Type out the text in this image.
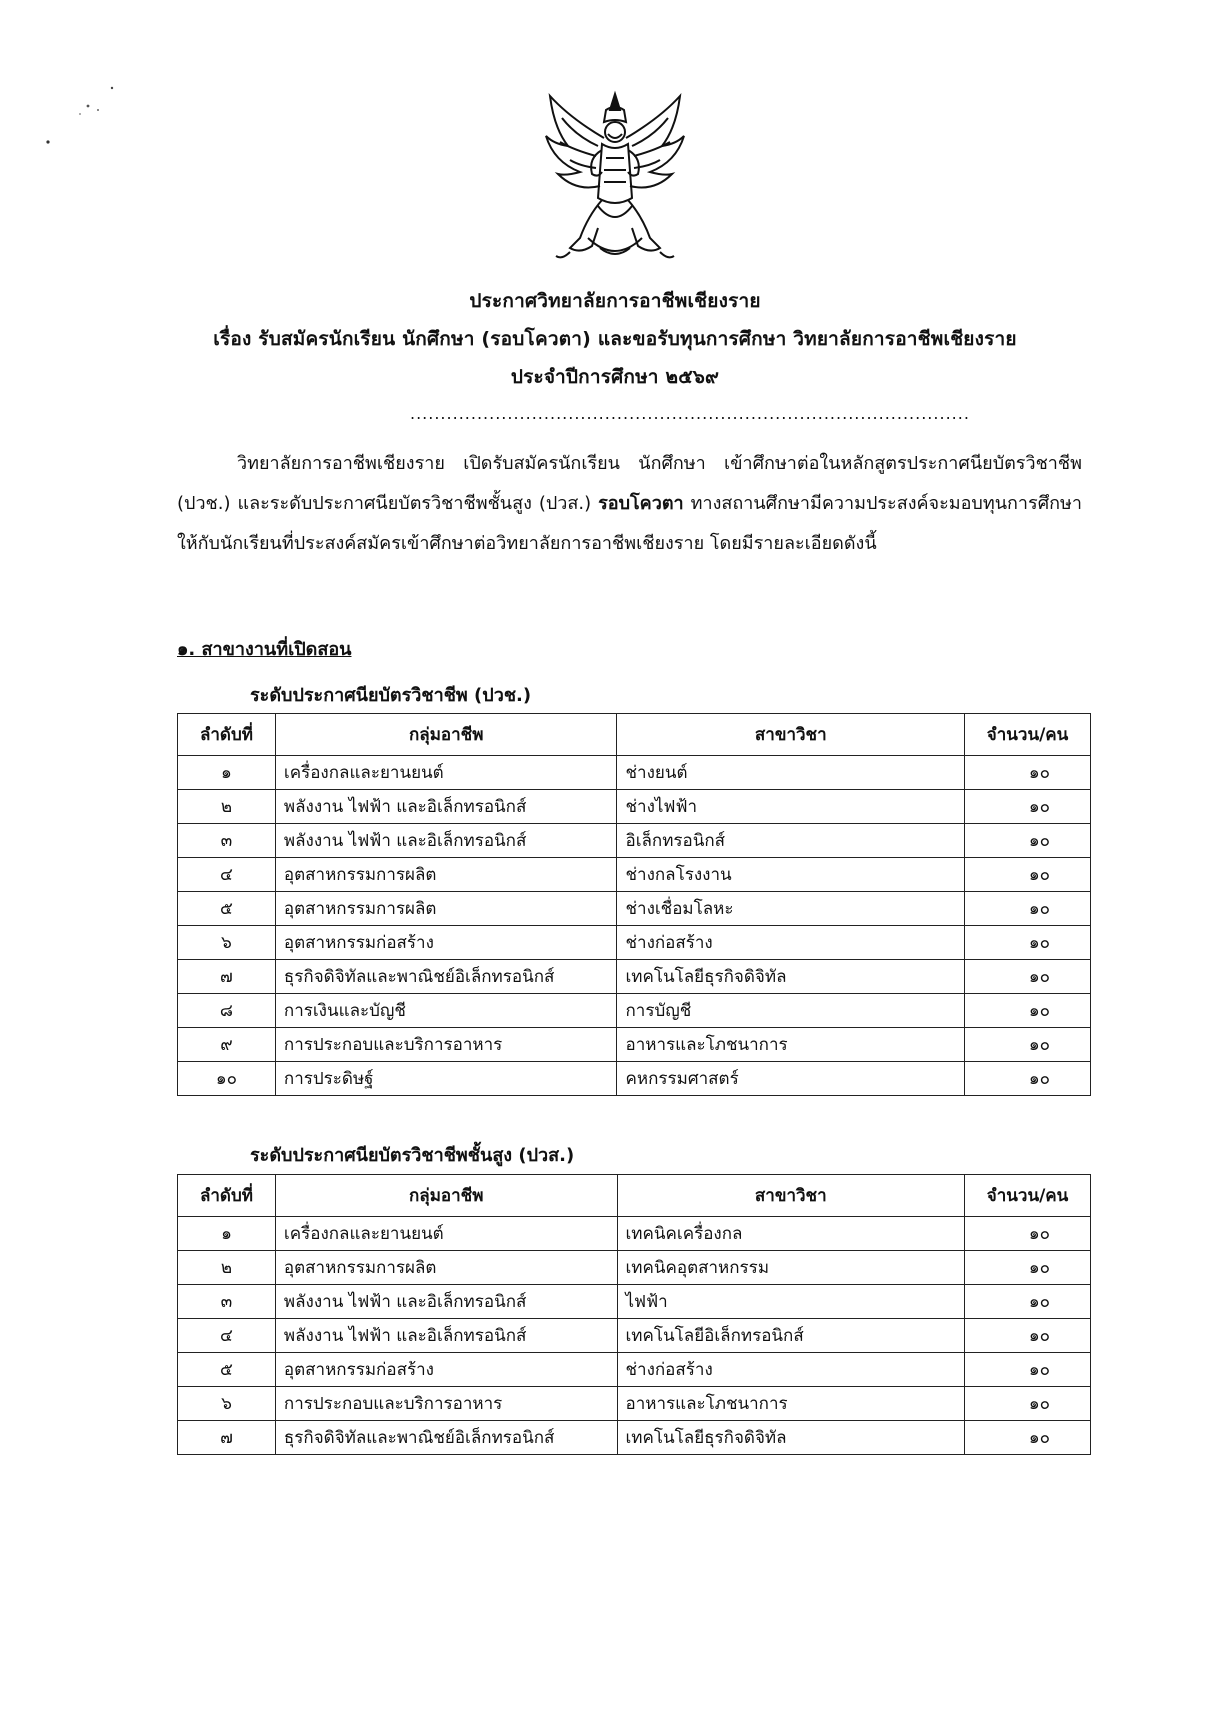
ประกาศวิทยาลัยการอาชีพเชียงราย
เรื่อง รับสมัครนักเรียน นักศึกษา (รอบโควตา) และขอรับทุนการศึกษา วิทยาลัยการอาชีพเชียงราย
ประจำปีการศึกษา ๒๕๖๙
............................................................................................
วิทยาลัยการอาชีพเชียงราย เปิดรับสมัครนักเรียน นักศึกษา เข้าศึกษาต่อในหลักสูตรประกาศนียบัตรวิชาชีพ (ปวช.) และระดับประกาศนียบัตรวิชาชีพชั้นสูง (ปวส.) รอบโควตา ทางสถานศึกษามีความประสงค์จะมอบทุนการศึกษาให้กับนักเรียนที่ประสงค์สมัครเข้าศึกษาต่อวิทยาลัยการอาชีพเชียงราย โดยมีรายละเอียดดังนี้
๑. สาขางานที่เปิดสอน
ระดับประกาศนียบัตรวิชาชีพ (ปวช.)
ลำดับที่	กลุ่มอาชีพ	สาขาวิชา	จำนวน/คน
๑	เครื่องกลและยานยนต์	ช่างยนต์	๑๐
๒	พลังงาน ไฟฟ้า และอิเล็กทรอนิกส์	ช่างไฟฟ้า	๑๐
๓	พลังงาน ไฟฟ้า และอิเล็กทรอนิกส์	อิเล็กทรอนิกส์	๑๐
๔	อุตสาหกรรมการผลิต	ช่างกลโรงงาน	๑๐
๕	อุตสาหกรรมการผลิต	ช่างเชื่อมโลหะ	๑๐
๖	อุตสาหกรรมก่อสร้าง	ช่างก่อสร้าง	๑๐
๗	ธุรกิจดิจิทัลและพาณิชย์อิเล็กทรอนิกส์	เทคโนโลยีธุรกิจดิจิทัล	๑๐
๘	การเงินและบัญชี	การบัญชี	๑๐
๙	การประกอบและบริการอาหาร	อาหารและโภชนาการ	๑๐
๑๐	การประดิษฐ์	คหกรรมศาสตร์	๑๐
ระดับประกาศนียบัตรวิชาชีพชั้นสูง (ปวส.)
ลำดับที่	กลุ่มอาชีพ	สาขาวิชา	จำนวน/คน
๑	เครื่องกลและยานยนต์	เทคนิคเครื่องกล	๑๐
๒	อุตสาหกรรมการผลิต	เทคนิคอุตสาหกรรม	๑๐
๓	พลังงาน ไฟฟ้า และอิเล็กทรอนิกส์	ไฟฟ้า	๑๐
๔	พลังงาน ไฟฟ้า และอิเล็กทรอนิกส์	เทคโนโลยีอิเล็กทรอนิกส์	๑๐
๕	อุตสาหกรรมก่อสร้าง	ช่างก่อสร้าง	๑๐
๖	การประกอบและบริการอาหาร	อาหารและโภชนาการ	๑๐
๗	ธุรกิจดิจิทัลและพาณิชย์อิเล็กทรอนิกส์	เทคโนโลยีธุรกิจดิจิทัล	๑๐
